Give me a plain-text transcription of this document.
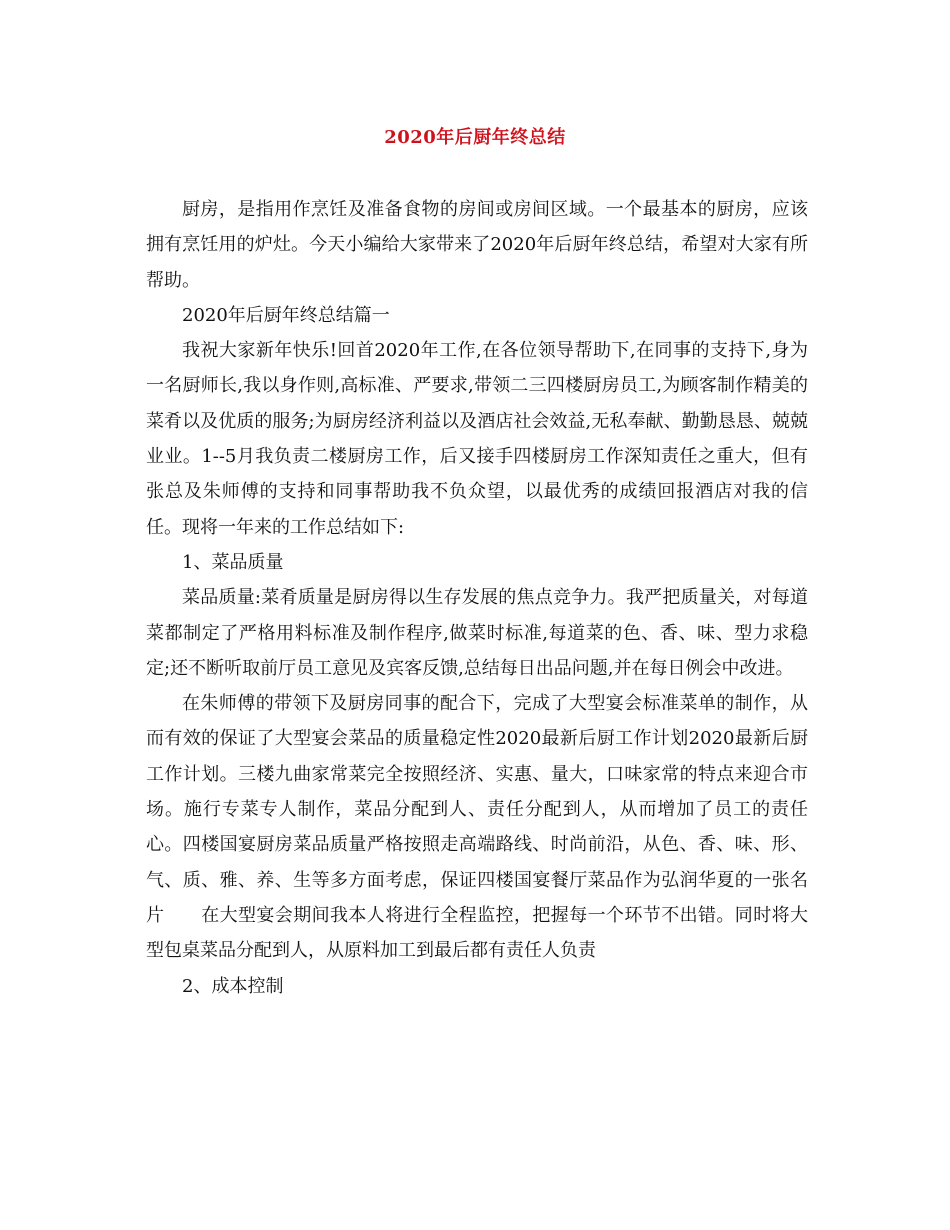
2020年后厨年终总结

厨房，是指用作烹饪及准备食物的房间或房间区域。一个最基本的厨房，应该拥有烹饪用的炉灶。今天小编给大家带来了2020年后厨年终总结，希望对大家有所帮助。

2020年后厨年终总结篇一

我祝大家新年快乐!回首2020年工作,在各位领导帮助下,在同事的支持下,身为一名厨师长,我以身作则,高标准、严要求,带领二三四楼厨房员工,为顾客制作精美的菜肴以及优质的服务;为厨房经济利益以及酒店社会效益,无私奉献、勤勤恳恳、兢兢业业。1--5月我负责二楼厨房工作，后又接手四楼厨房工作深知责任之重大，但有张总及朱师傅的支持和同事帮助我不负众望，以最优秀的成绩回报酒店对我的信任。现将一年来的工作总结如下:

1、菜品质量

菜品质量:菜肴质量是厨房得以生存发展的焦点竞争力。我严把质量关，对每道菜都制定了严格用料标准及制作程序,做菜时标准,每道菜的色、香、味、型力求稳定;还不断听取前厅员工意见及宾客反馈,总结每日出品问题,并在每日例会中改进。

在朱师傅的带领下及厨房同事的配合下，完成了大型宴会标准菜单的制作，从而有效的保证了大型宴会菜品的质量稳定性2020最新后厨工作计划2020最新后厨工作计划。三楼九曲家常菜完全按照经济、实惠、量大，口味家常的特点来迎合市场。施行专菜专人制作，菜品分配到人、责任分配到人，从而增加了员工的责任心。四楼国宴厨房菜品质量严格按照走高端路线、时尚前沿，从色、香、味、形、气、质、雅、养、生等多方面考虑，保证四楼国宴餐厅菜品作为弘润华夏的一张名片　　在大型宴会期间我本人将进行全程监控，把握每一个环节不出错。同时将大型包桌菜品分配到人，从原料加工到最后都有责任人负责

2、成本控制
